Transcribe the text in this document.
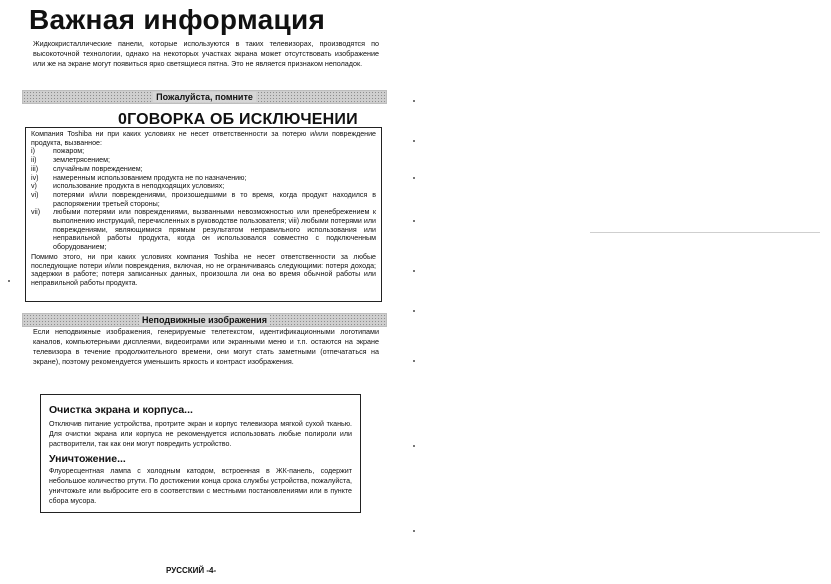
Важная информация

Жидкокристаллические панели, которые используются в таких телевизорах, производятся по высокоточной технологии, однако на некоторых участках экрана может отсутствовать изображение или же на экране могут появиться ярко светящиеся пятна. Это не является признаком неполадок.

Пожалуйста, помните
0ГОВОРКА ОБ ИСКЛЮЧЕНИИ

Компания Toshiba ни при каких условиях не несет ответственности за потерю и/или повреждение продукта, вызванное:

i)	пожаром;
ii)	землетрясением;
iii)	случайным повреждением;
iv)	намеренным использованием продукта не по назначению;
v)	использование продукта в неподходящих условиях;
vi)	потерями и/или повреждениями, произошедшими в то время, когда продукт находился в распоряжении третьей стороны;
vii)	любыми потерями или повреждениями, вызванными невозможностью или пренебрежением к выполнению инструкций, перечисленных в руководстве пользователя; viii) любыми потерями или повреждениями, являющимися прямым результатом неправильного использования или неправильной работы продукта, когда он использовался совместно с подключенным оборудованием;

Помимо этого, ни при каких условиях компания Toshiba не несет ответственности за любые последующие потери и/или повреждения, включая, но не ограничиваясь следующими: потеря дохода; задержки в работе; потеря записанных данных, произошла ли она во время обычной работы или неправильной работы продукта.

Неподвижные изображения

Если неподвижные изображения, генерируемые телетекстом, идентификационными логотипами каналов, компьютерными дисплеями, видеоиграми или экранными меню и т.п. остаются на экране телевизора в течение продолжительного времени, они могут стать заметными (отпечататься на экране), поэтому рекомендуется уменьшить яркость и контраст изображения.

Очистка экрана и корпуса...

Отключив питание устройства, протрите экран и корпус телевизора мягкой сухой тканью. Для очистки экрана или корпуса не рекомендуется использовать любые полироли или растворители, так как они могут повредить устройство.

Уничтожение...

Флуоресцентная лампа с холодным катодом, встроенная в ЖК-панель, содержит небольшое количество ртути. По достижении конца срока службы устройства, пожалуйста, уничтожьте или выбросите его в соответствии с местными постановлениями или в пункте сбора мусора.

РУССКИЙ -4-
